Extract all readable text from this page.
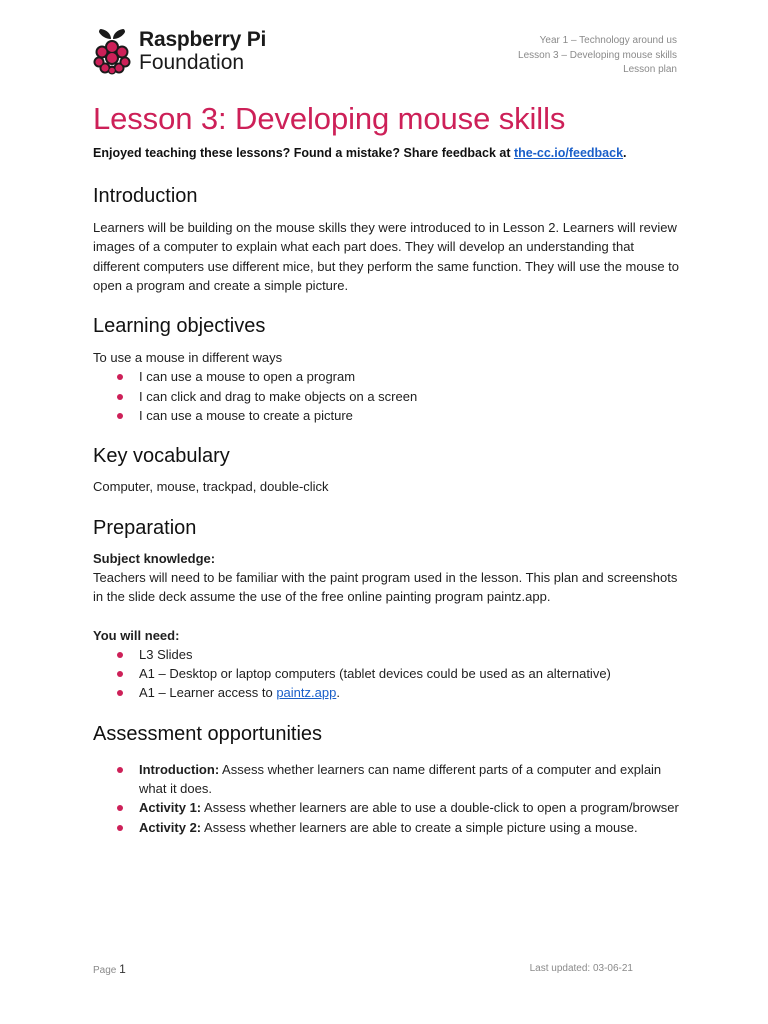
Raspberry Pi
Foundation
Year 1 – Technology around us
Lesson 3 – Developing mouse skills
Lesson plan
Lesson 3: Developing mouse skills
Enjoyed teaching these lessons? Found a mistake? Share feedback at the-cc.io/feedback.
Introduction

Learners will be building on the mouse skills they were introduced to in Lesson 2. Learners will review images of a computer to explain what each part does. They will develop an understanding that different computers use different mice, but they perform the same function. They will use the mouse to open a program and create a simple picture.

Learning objectives

To use a mouse in different ways

I can use a mouse to open a program
I can click and drag to make objects on a screen
I can use a mouse to create a picture
Key vocabulary

Computer, mouse, trackpad, double-click

Preparation

Subject knowledge:

Teachers will need to be familiar with the paint program used in the lesson. This plan and screenshots in the slide deck assume the use of the free online painting program paintz.app.

You will need:

L3 Slides
A1 – Desktop or laptop computers (tablet devices could be used as an alternative)
A1 – Learner access to paintz.app.
Assessment opportunities
Introduction: Assess whether learners can name different parts of a computer and explain what it does.
Activity 1: Assess whether learners are able to use a double-click to open a program/browser
Activity 2: Assess whether learners are able to create a simple picture using a mouse.
Page 1	Last updated: 03-06-21
